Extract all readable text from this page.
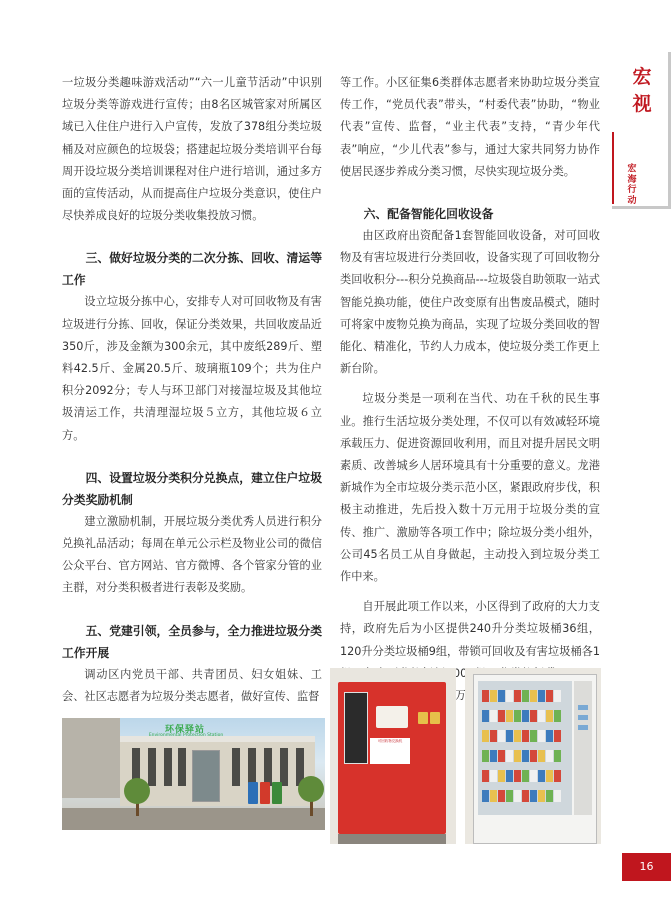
一垃圾分类趣味游戏活动”“六一儿童节活动”中识别垃圾分类等游戏进行宣传；由8名区城管家对所属区域已入住住户进行入户宣传，发放了378组分类垃圾桶及对应颜色的垃圾袋；搭建起垃圾分类培训平台每周开设垃圾分类培训课程对住户进行培训，通过多方面的宣传活动，从而提高住户垃圾分类意识，使住户尽快养成良好的垃圾分类收集投放习惯。

三、做好垃圾分类的二次分拣、回收、清运等工作

设立垃圾分拣中心，安排专人对可回收物及有害垃圾进行分拣、回收，保证分类效果，共回收废品近350斤，涉及金额为300余元，其中废纸289斤、塑料42.5斤、金属20.5斤、玻璃瓶109个；共为住户积分2092分；专人与环卫部门对接湿垃圾及其他垃圾清运工作，共清理湿垃圾５立方，其他垃圾６立方。

四、设置垃圾分类积分兑换点，建立住户垃圾分类奖励机制

建立激励机制，开展垃圾分类优秀人员进行积分兑换礼品活动；每周在单元公示栏及物业公司的微信公众平台、官方网站、官方微博、各个管家分管的业主群，对分类积极者进行表彰及奖励。

五、党建引领，全员参与，全力推进垃圾分类工作开展

调动区内党员干部、共青团员、妇女姐妹、工会、社区志愿者为垃圾分类志愿者，做好宣传、监督

等工作。小区征集6类群体志愿者来协助垃圾分类宣传工作，“党员代表”带头，“村委代表”协助，“物业代表”宣传、监督，“业主代表”支持，“青少年代表”响应，“少儿代表”参与，通过大家共同努力协作使居民逐步养成分类习惯，尽快实现垃圾分类。

六、配备智能化回收设备

由区政府出资配备1套智能回收设备，对可回收物及有害垃圾进行分类回收，设备实现了可回收物分类回收积分---积分兑换商品---垃圾袋自助领取一站式智能兑换功能，使住户改变原有出售废品模式，随时可将家中废物兑换为商品，实现了垃圾分类回收的智能化、精准化，节约人力成本，使垃圾分类工作更上新台阶。

垃圾分类是一项利在当代、功在千秋的民生事业。推行生活垃圾分类处理，不仅可以有效减轻环境承载压力、促进资源回收利用，而且对提升居民文明素质、改善城乡人居环境具有十分重要的意义。龙港新城作为全市垃圾分类示范小区，紧跟政府步伐，积极主动推进，先后投入数十万元用于垃圾分类的宣传、推广、激励等各项工作中；除垃圾分类小组外，公司45名员工从自身做起，主动投入到垃圾分类工作中来。

自开展此项工作以来，小区得到了政府的大力支持，政府先后为小区提供240升分类垃圾桶36组，120升分类垃圾桶9组，带锁可回收及有害垃圾桶各1 1000 5万

宏视
宏海行动
环保驿站
可回收物兑换机
16
